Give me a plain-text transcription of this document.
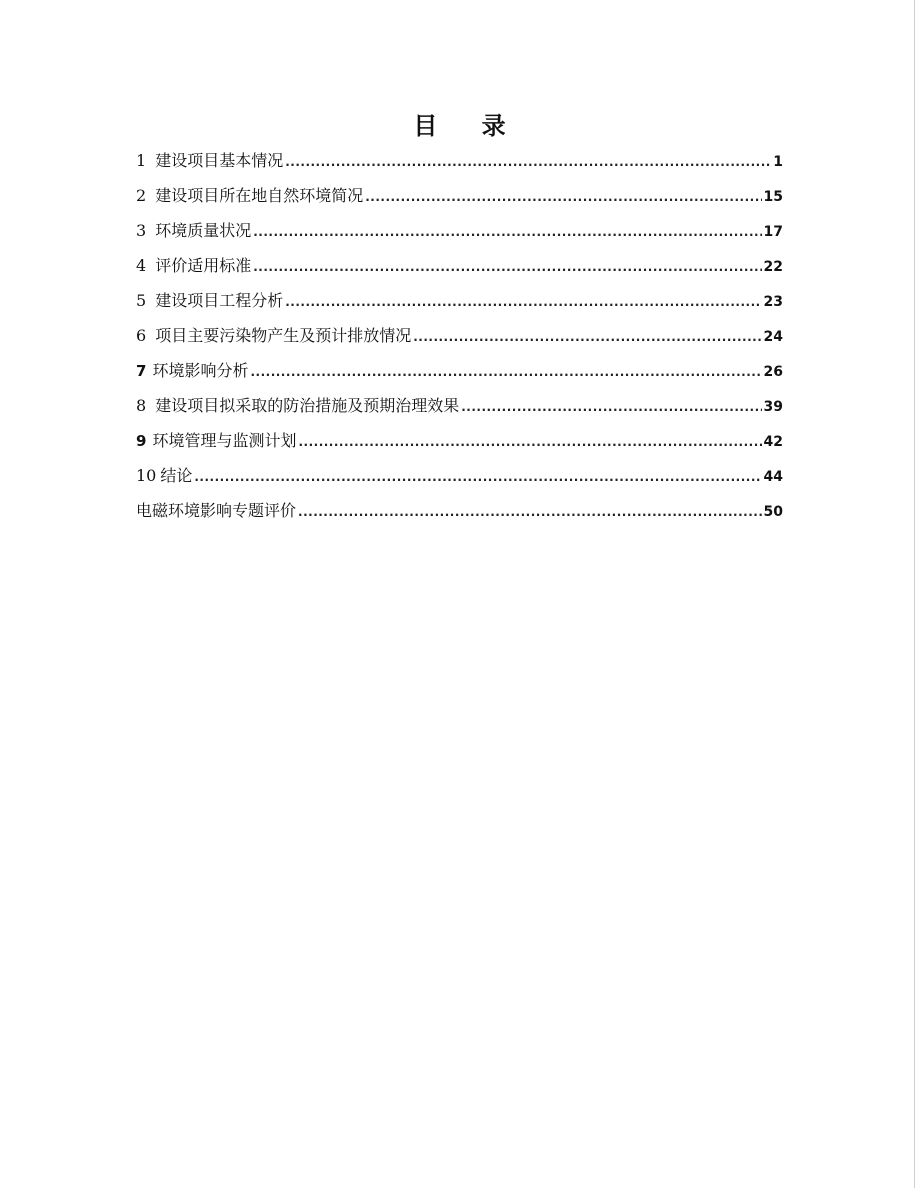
目 录
1 建设项目基本情况 .....	1
2 建设项目所在地自然环境简况 .....	15
3 环境质量状况 .....	17
4 评价适用标准 .....	22
5 建设项目工程分析 .....	23
6 项目主要污染物产生及预计排放情况 .....	24
7 环境影响分析 .....	26
8 建设项目拟采取的防治措施及预期治理效果 .....	39
9 环境管理与监测计划 .....	42
10 结论 .....	44
电磁环境影响专题评价 .....	50
